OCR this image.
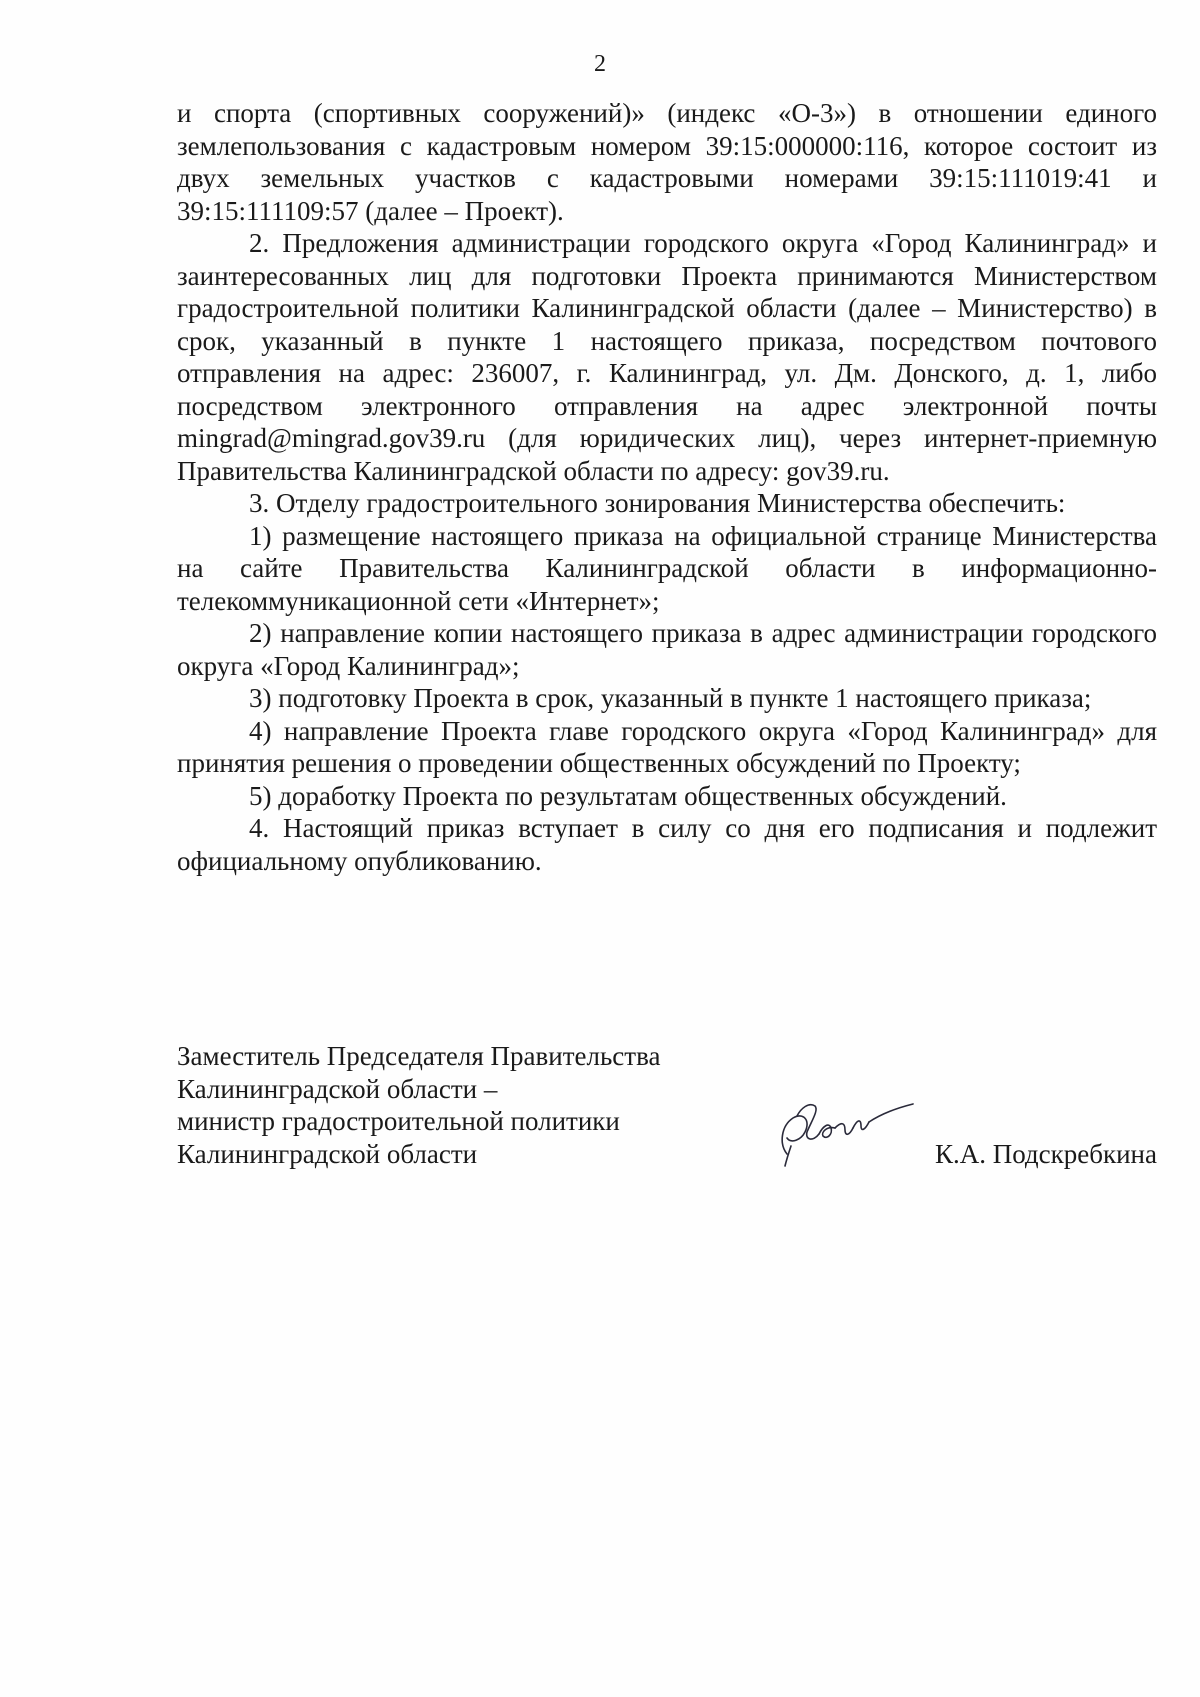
2

и спорта (спортивных сооружений)» (индекс «О-3») в отношении единого землепользования с кадастровым номером 39:15:000000:116, которое состоит из двух земельных участков с кадастровыми номерами 39:15:111019:41 и 39:15:111109:57 (далее – Проект).

2. Предложения администрации городского округа «Город Калининград» и заинтересованных лиц для подготовки Проекта принимаются Министерством градостроительной политики Калининградской области (далее – Министерство) в срок, указанный в пункте 1 настоящего приказа, посредством почтового отправления на адрес: 236007, г. Калининград, ул. Дм. Донского, д. 1, либо посредством электронного отправления на адрес электронной почты mingrad@mingrad.gov39.ru (для юридических лиц), через интернет-приемную Правительства Калининградской области по адресу: gov39.ru.

3. Отделу градостроительного зонирования Министерства обеспечить:

1) размещение настоящего приказа на официальной странице Министерства на сайте Правительства Калининградской области в информационно-телекоммуникационной сети «Интернет»;

2) направление копии настоящего приказа в адрес администрации городского округа «Город Калининград»;

3) подготовку Проекта в срок, указанный в пункте 1 настоящего приказа;

4) направление Проекта главе городского округа «Город Калининград» для принятия решения о проведении общественных обсуждений по Проекту;

5) доработку Проекта по результатам общественных обсуждений.

4. Настоящий приказ вступает в силу со дня его подписания и подлежит официальному опубликованию.

Заместитель Председателя Правительства
Калининградской области –
министр градостроительной политики
Калининградской области	К.А. Подскребкина
